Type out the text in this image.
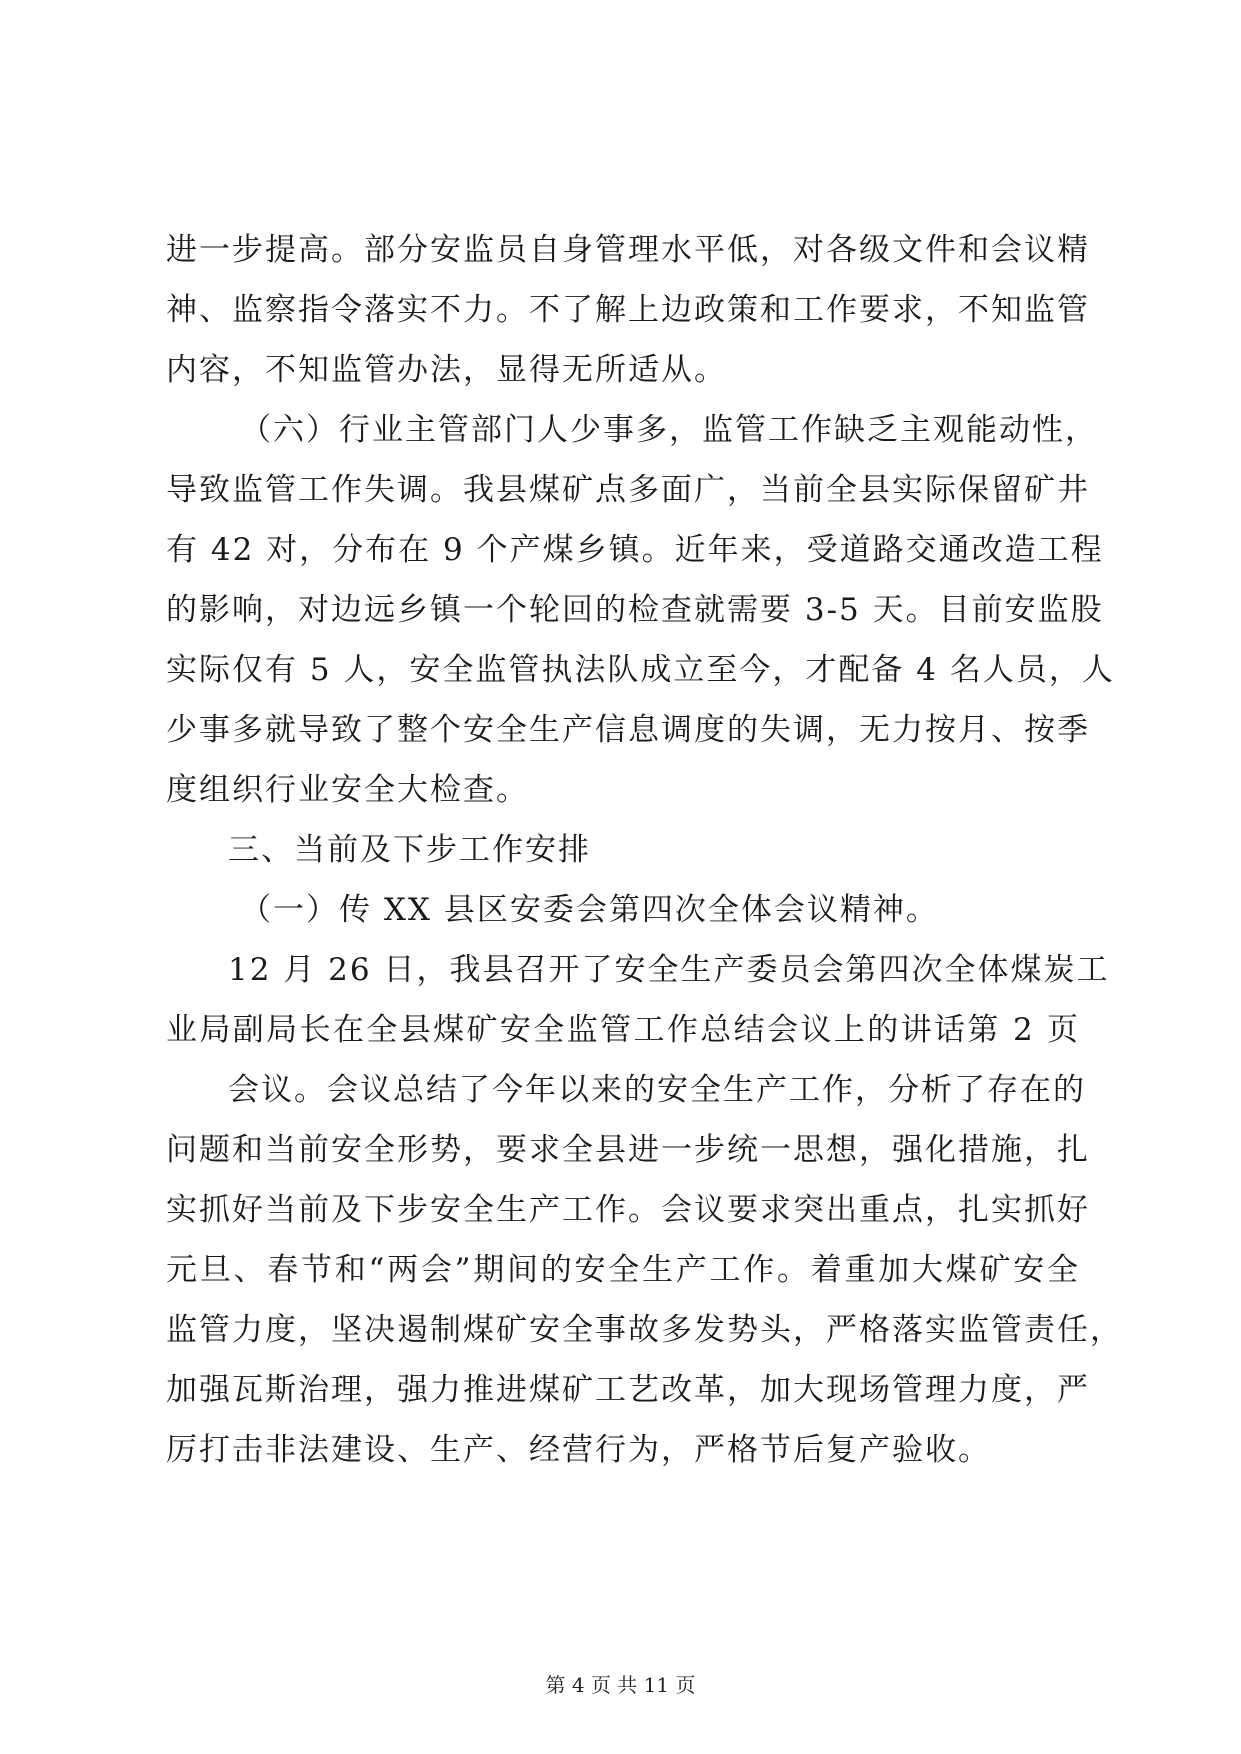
进一步提高。部分安监员自身管理水平低，对各级文件和会议精
神、监察指令落实不力。不了解上边政策和工作要求，不知监管
内容，不知监管办法，显得无所适从。
（六）行业主管部门人少事多，监管工作缺乏主观能动性，
导致监管工作失调。我县煤矿点多面广，当前全县实际保留矿井
有 42 对，分布在 9 个产煤乡镇。近年来，受道路交通改造工程
的影响，对边远乡镇一个轮回的检查就需要 3-5 天。目前安监股
实际仅有 5 人，安全监管执法队成立至今，才配备 4 名人员，人
少事多就导致了整个安全生产信息调度的失调，无力按月、按季
度组织行业安全大检查。
三、当前及下步工作安排
（一）传 XX 县区安委会第四次全体会议精神。
12 月 26 日，我县召开了安全生产委员会第四次全体煤炭工
业局副局长在全县煤矿安全监管工作总结会议上的讲话第 2 页
会议。会议总结了今年以来的安全生产工作，分析了存在的
问题和当前安全形势，要求全县进一步统一思想，强化措施，扎
实抓好当前及下步安全生产工作。会议要求突出重点，扎实抓好
元旦、春节和“两会”期间的安全生产工作。着重加大煤矿安全
监管力度，坚决遏制煤矿安全事故多发势头，严格落实监管责任，
加强瓦斯治理，强力推进煤矿工艺改革，加大现场管理力度，严
厉打击非法建设、生产、经营行为，严格节后复产验收。
第 4 页 共 11 页
